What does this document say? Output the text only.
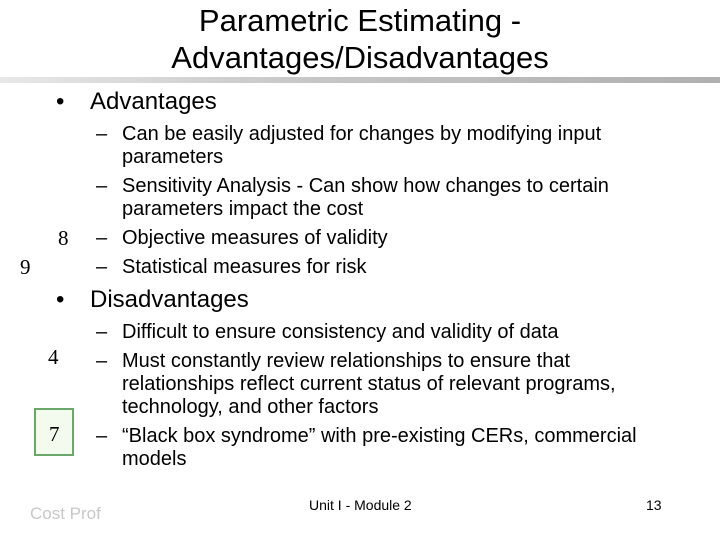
Parametric Estimating -
Advantages/Disadvantages
• Advantages
– Can be easily adjusted for changes by modifying input parameters
– Sensitivity Analysis - Can show how changes to certain parameters impact the cost
– Objective measures of validity
– Statistical measures for risk
• Disadvantages
– Difficult to ensure consistency and validity of data
– Must constantly review relationships to ensure that relationships reflect current status of relevant programs, technology, and other factors
– “Black box syndrome” with pre-existing CERs, commercial models
8
9
4
7
Cost Prof	Unit I - Module 2	13
